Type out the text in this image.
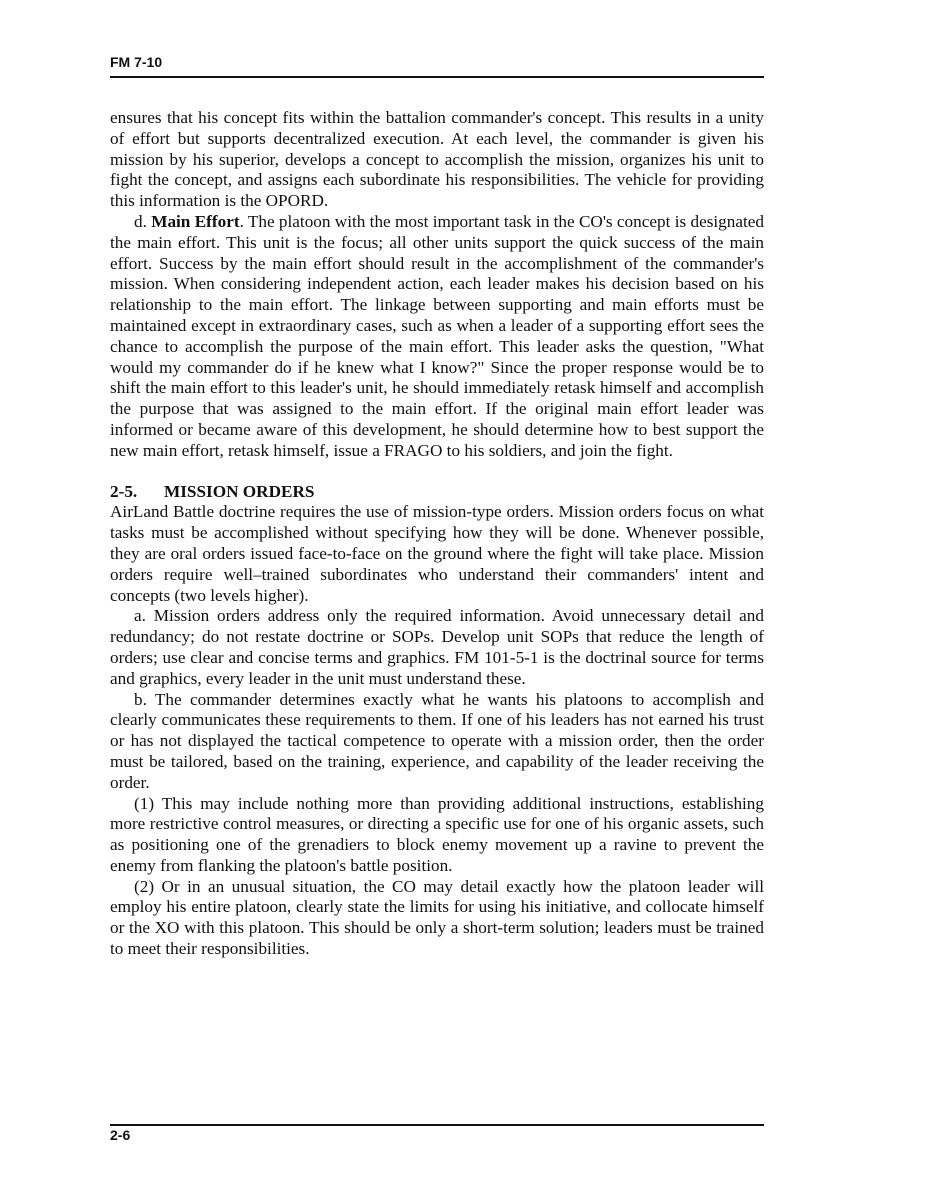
FM 7-10

ensures that his concept fits within the battalion commander's concept. This results in a unity of effort but supports decentralized execution. At each level, the commander is given his mission by his superior, develops a concept to accomplish the mission, organizes his unit to fight the concept, and assigns each subordinate his responsibilities. The vehicle for providing this information is the OPORD.

d. Main Effort. The platoon with the most important task in the CO's concept is designated the main effort. This unit is the focus; all other units support the quick success of the main effort. Success by the main effort should result in the accomplishment of the commander's mission. When considering independent action, each leader makes his decision based on his relationship to the main effort. The linkage between supporting and main efforts must be maintained except in extraordinary cases, such as when a leader of a supporting effort sees the chance to accomplish the purpose of the main effort. This leader asks the question, "What would my commander do if he knew what I know?" Since the proper response would be to shift the main effort to this leader's unit, he should immediately retask himself and accomplish the purpose that was assigned to the main effort. If the original main effort leader was informed or became aware of this development, he should determine how to best support the new main effort, retask himself, issue a FRAGO to his soldiers, and join the fight.

2-5. MISSION ORDERS

AirLand Battle doctrine requires the use of mission-type orders. Mission orders focus on what tasks must be accomplished without specifying how they will be done. Whenever possible, they are oral orders issued face-to-face on the ground where the fight will take place. Mission orders require well–trained subordinates who understand their commanders' intent and concepts (two levels higher).

a. Mission orders address only the required information. Avoid unnecessary detail and redundancy; do not restate doctrine or SOPs. Develop unit SOPs that reduce the length of orders; use clear and concise terms and graphics. FM 101-5-1 is the doctrinal source for terms and graphics, every leader in the unit must understand these.

b. The commander determines exactly what he wants his platoons to accomplish and clearly communicates these requirements to them. If one of his leaders has not earned his trust or has not displayed the tactical competence to operate with a mission order, then the order must be tailored, based on the training, experience, and capability of the leader receiving the order.

(1) This may include nothing more than providing additional instructions, establishing more restrictive control measures, or directing a specific use for one of his organic assets, such as positioning one of the grenadiers to block enemy movement up a ravine to prevent the enemy from flanking the platoon's battle position.

(2) Or in an unusual situation, the CO may detail exactly how the platoon leader will employ his entire platoon, clearly state the limits for using his initiative, and collocate himself or the XO with this platoon. This should be only a short-term solution; leaders must be trained to meet their responsibilities.

2-6
